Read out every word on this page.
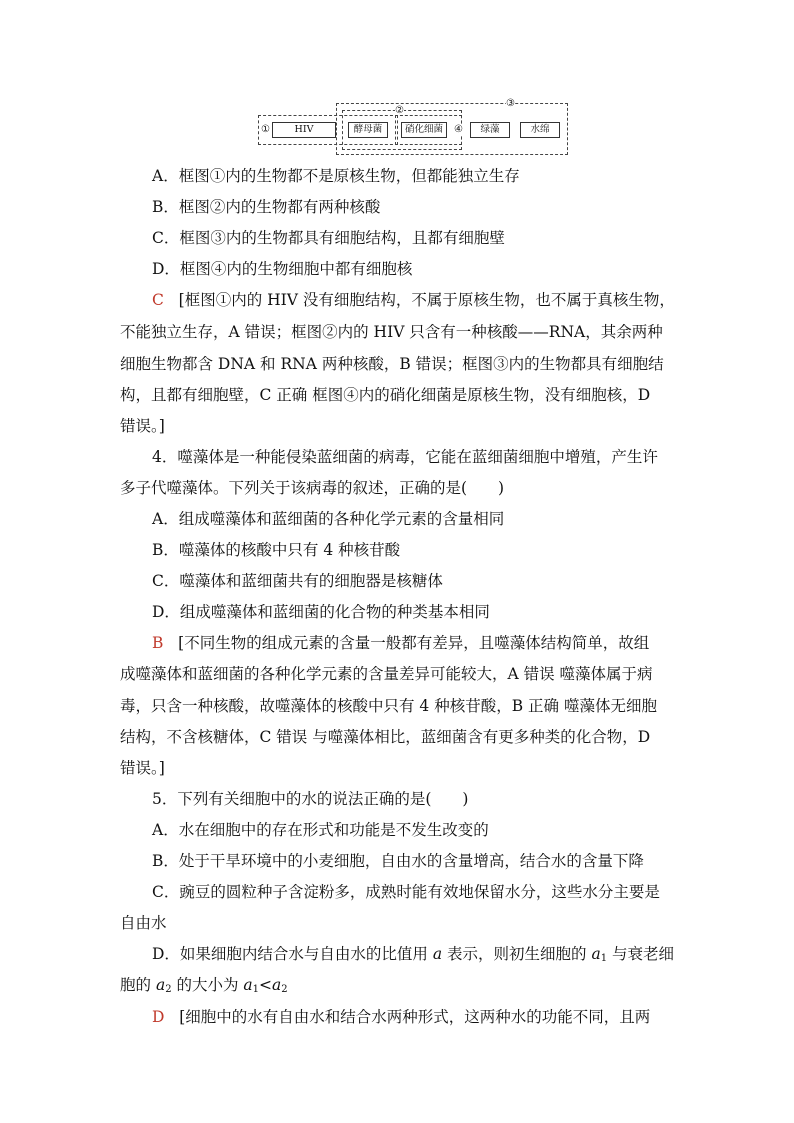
③
②
①	④
HIV	酵母菌	硝化细菌	绿藻	水绵
A．框图①内的生物都不是原核生物，但都能独立生存
B．框图②内的生物都有两种核酸
C．框图③内的生物都具有细胞结构，且都有细胞壁
D．框图④内的生物细胞中都有细胞核
C [框图①内的 HIV 没有细胞结构，不属于原核生物，也不属于真核生物，
不能独立生存，A 错误；框图②内的 HIV 只含有一种核酸——RNA，其余两种
细胞生物都含 DNA 和 RNA 两种核酸，B 错误；框图③内的生物都具有细胞结
构，且都有细胞壁，C 正确 框图④内的硝化细菌是原核生物，没有细胞核，D
错误。]
4．噬藻体是一种能侵染蓝细菌的病毒，它能在蓝细菌细胞中增殖，产生许
多子代噬藻体。下列关于该病毒的叙述，正确的是(　　)
A．组成噬藻体和蓝细菌的各种化学元素的含量相同
B．噬藻体的核酸中只有 4 种核苷酸
C．噬藻体和蓝细菌共有的细胞器是核糖体
D．组成噬藻体和蓝细菌的化合物的种类基本相同
B [不同生物的组成元素的含量一般都有差异，且噬藻体结构简单，故组
成噬藻体和蓝细菌的各种化学元素的含量差异可能较大，A 错误 噬藻体属于病
毒，只含一种核酸，故噬藻体的核酸中只有 4 种核苷酸，B 正确 噬藻体无细胞
结构，不含核糖体，C 错误 与噬藻体相比，蓝细菌含有更多种类的化合物，D
错误。]
5．下列有关细胞中的水的说法正确的是(　　)
A．水在细胞中的存在形式和功能是不发生改变的
B．处于干旱环境中的小麦细胞，自由水的含量增高，结合水的含量下降
C．豌豆的圆粒种子含淀粉多，成熟时能有效地保留水分，这些水分主要是
自由水
D．如果细胞内结合水与自由水的比值用 a 表示，则初生细胞的 $a_1$ 与衰老细
胞的 $a_2$ 的大小为 $a_1<a_2$
D [细胞中的水有自由水和结合水两种形式，这两种水的功能不同，且两
